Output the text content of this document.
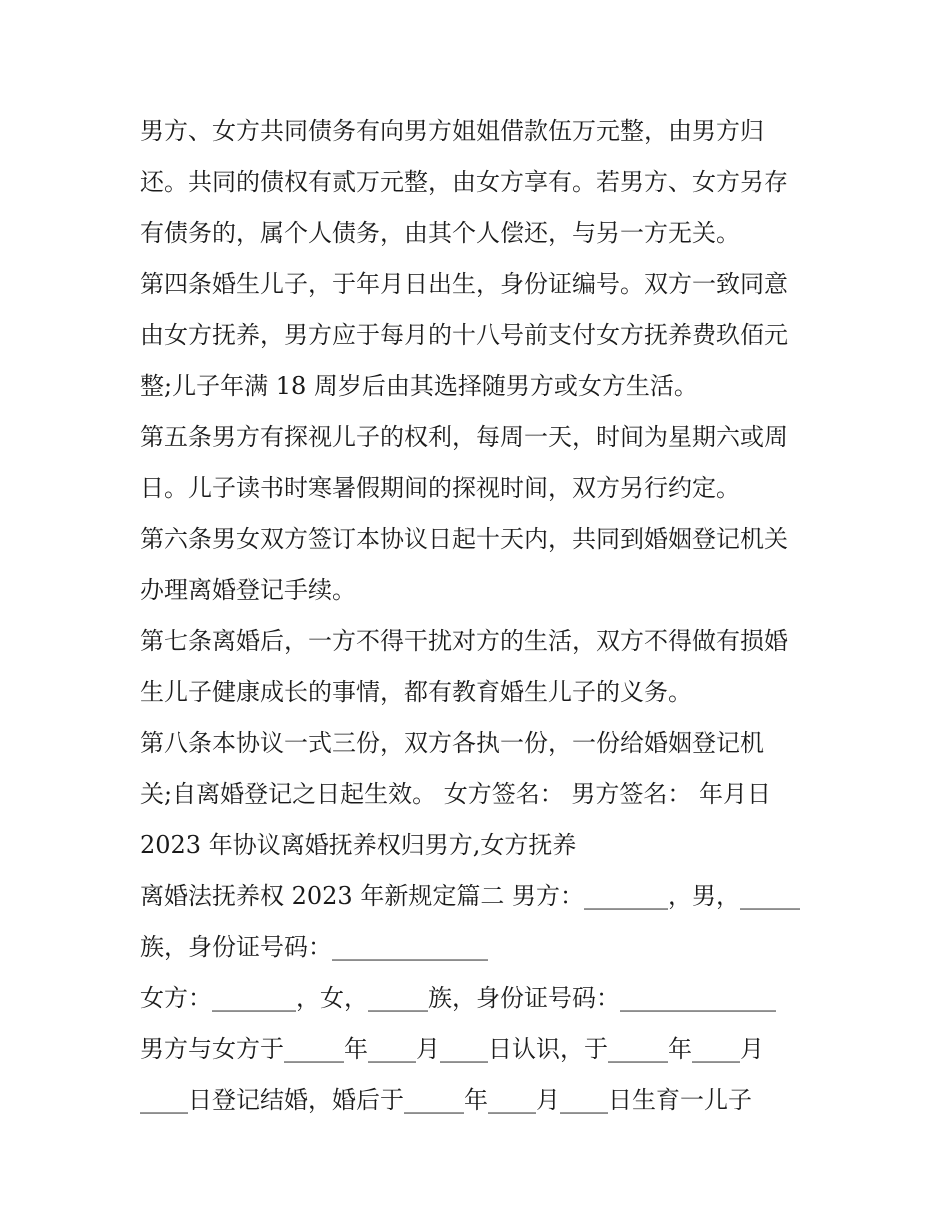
男方、女方共同债务有向男方姐姐借款伍万元整，由男方归
还。共同的债权有贰万元整，由女方享有。若男方、女方另存
有债务的，属个人债务，由其个人偿还，与另一方无关。
第四条婚生儿子，于年月日出生，身份证编号。双方一致同意
由女方抚养，男方应于每月的十八号前支付女方抚养费玖佰元
整;儿子年满 18 周岁后由其选择随男方或女方生活。
第五条男方有探视儿子的权利，每周一天，时间为星期六或周
日。儿子读书时寒暑假期间的探视时间，双方另行约定。
第六条男女双方签订本协议日起十天内，共同到婚姻登记机关
办理离婚登记手续。
第七条离婚后，一方不得干扰对方的生活，双方不得做有损婚
生儿子健康成长的事情，都有教育婚生儿子的义务。
第八条本协议一式三份，双方各执一份，一份给婚姻登记机
关;自离婚登记之日起生效。 女方签名： 男方签名： 年月日
2023 年协议离婚抚养权归男方,女方抚养
离婚法抚养权 2023 年新规定篇二 男方：_______，男，_____
族，身份证号码：_____________
女方：_______，女，_____族，身份证号码：_____________
男方与女方于_____年____月____日认识，于_____年____月
____日登记结婚，婚后于_____年____月____日生育一儿子
